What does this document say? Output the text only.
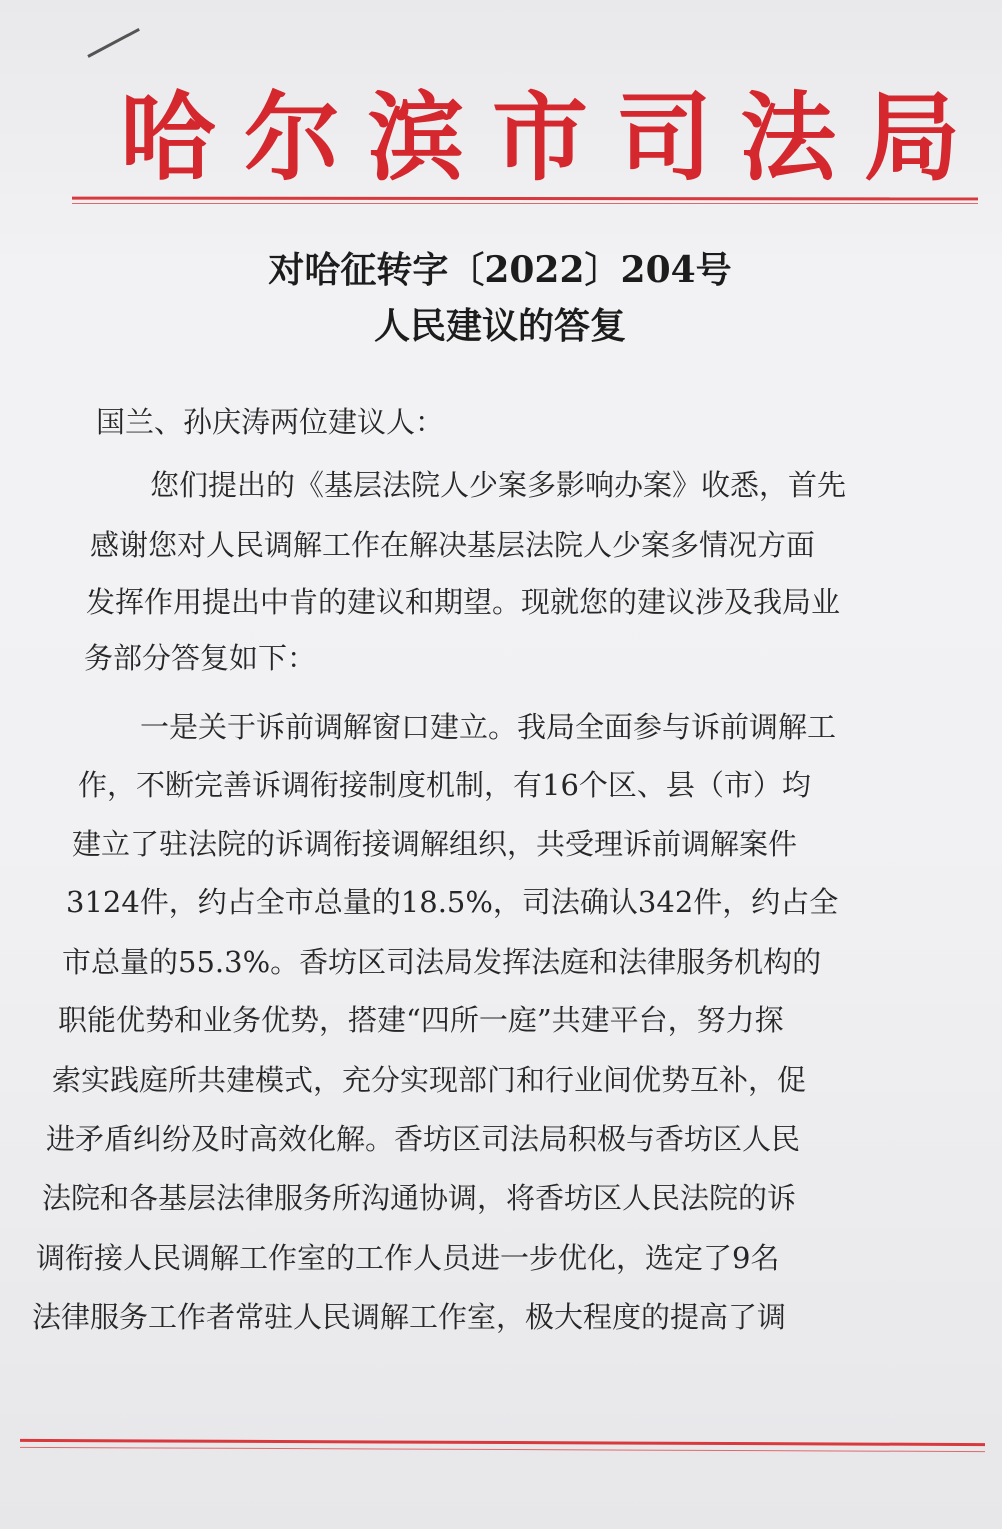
哈尔滨市司法局
对哈征转字〔2022〕204号
人民建议的答复

国兰、孙庆涛两位建议人：

您们提出的《基层法院人少案多影响办案》收悉，首先

感谢您对人民调解工作在解决基层法院人少案多情况方面

发挥作用提出中肯的建议和期望。现就您的建议涉及我局业

务部分答复如下：

一是关于诉前调解窗口建立。我局全面参与诉前调解工

作，不断完善诉调衔接制度机制，有16个区、县（市）均

建立了驻法院的诉调衔接调解组织，共受理诉前调解案件

3124件，约占全市总量的18.5%，司法确认342件，约占全

市总量的55.3%。香坊区司法局发挥法庭和法律服务机构的

职能优势和业务优势，搭建“四所一庭”共建平台，努力探

索实践庭所共建模式，充分实现部门和行业间优势互补，促

进矛盾纠纷及时高效化解。香坊区司法局积极与香坊区人民

法院和各基层法律服务所沟通协调，将香坊区人民法院的诉

调衔接人民调解工作室的工作人员进一步优化，选定了9名

法律服务工作者常驻人民调解工作室，极大程度的提高了调
